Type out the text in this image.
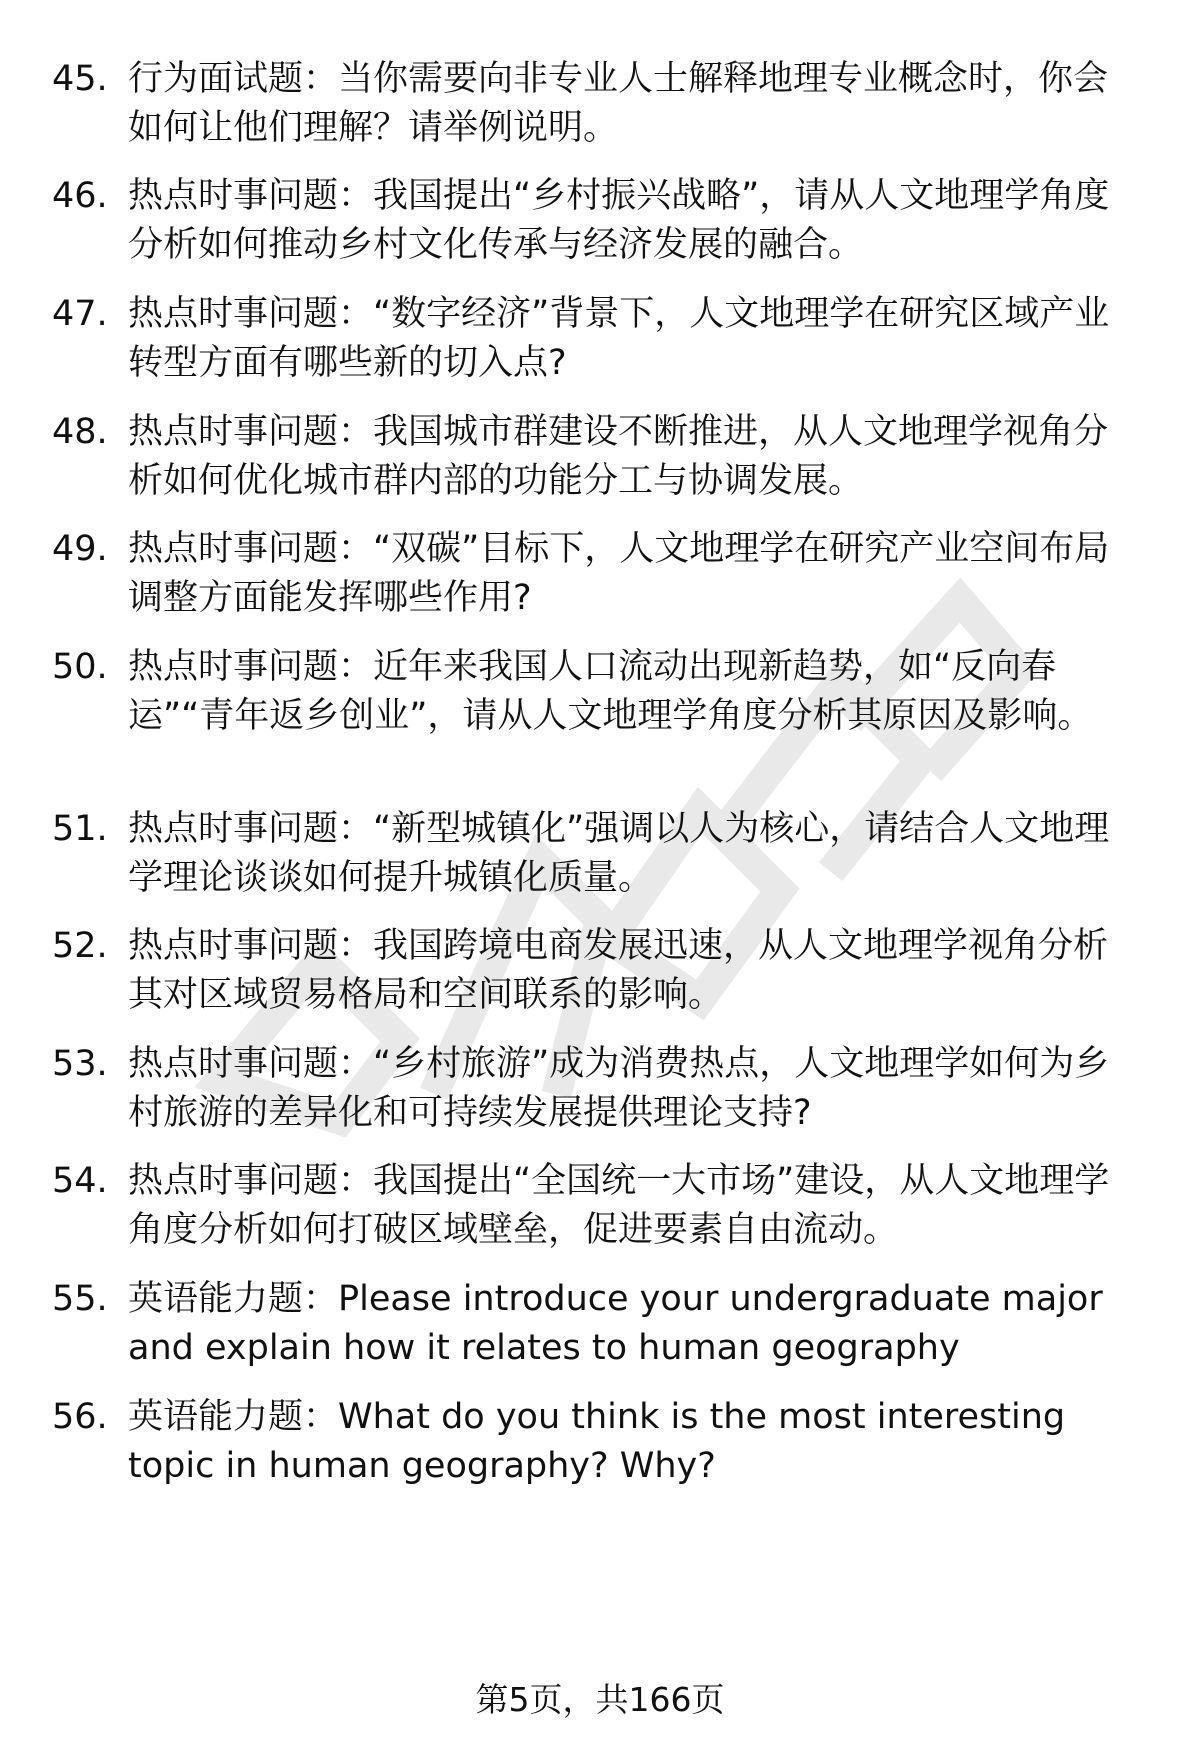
45. 行为面试题：当你需要向非专业人士解释地理专业概念时，你会如何让他们理解？请举例说明。
46. 热点时事问题：我国提出“乡村振兴战略”，请从人文地理学角度分析如何推动乡村文化传承与经济发展的融合。
47. 热点时事问题：“数字经济”背景下，人文地理学在研究区域产业转型方面有哪些新的切入点?
48. 热点时事问题：我国城市群建设不断推进，从人文地理学视角分析如何优化城市群内部的功能分工与协调发展。
49. 热点时事问题：“双碳”目标下，人文地理学在研究产业空间布局调整方面能发挥哪些作用?
50. 热点时事问题：近年来我国人口流动出现新趋势，如“反向春运”“青年返乡创业”，请从人文地理学角度分析其原因及影响。
51. 热点时事问题：“新型城镇化”强调以人为核心，请结合人文地理学理论谈谈如何提升城镇化质量。
52. 热点时事问题：我国跨境电商发展迅速，从人文地理学视角分析其对区域贸易格局和空间联系的影响。
53. 热点时事问题：“乡村旅游”成为消费热点，人文地理学如何为乡村旅游的差异化和可持续发展提供理论支持?
54. 热点时事问题：我国提出“全国统一大市场”建设，从人文地理学角度分析如何打破区域壁垒，促进要素自由流动。
55. 英语能力题：Please introduce your undergraduate major and explain how it relates to human geography
56. 英语能力题：What do you think is the most interesting topic in human geography? Why?
第5页，共166页
